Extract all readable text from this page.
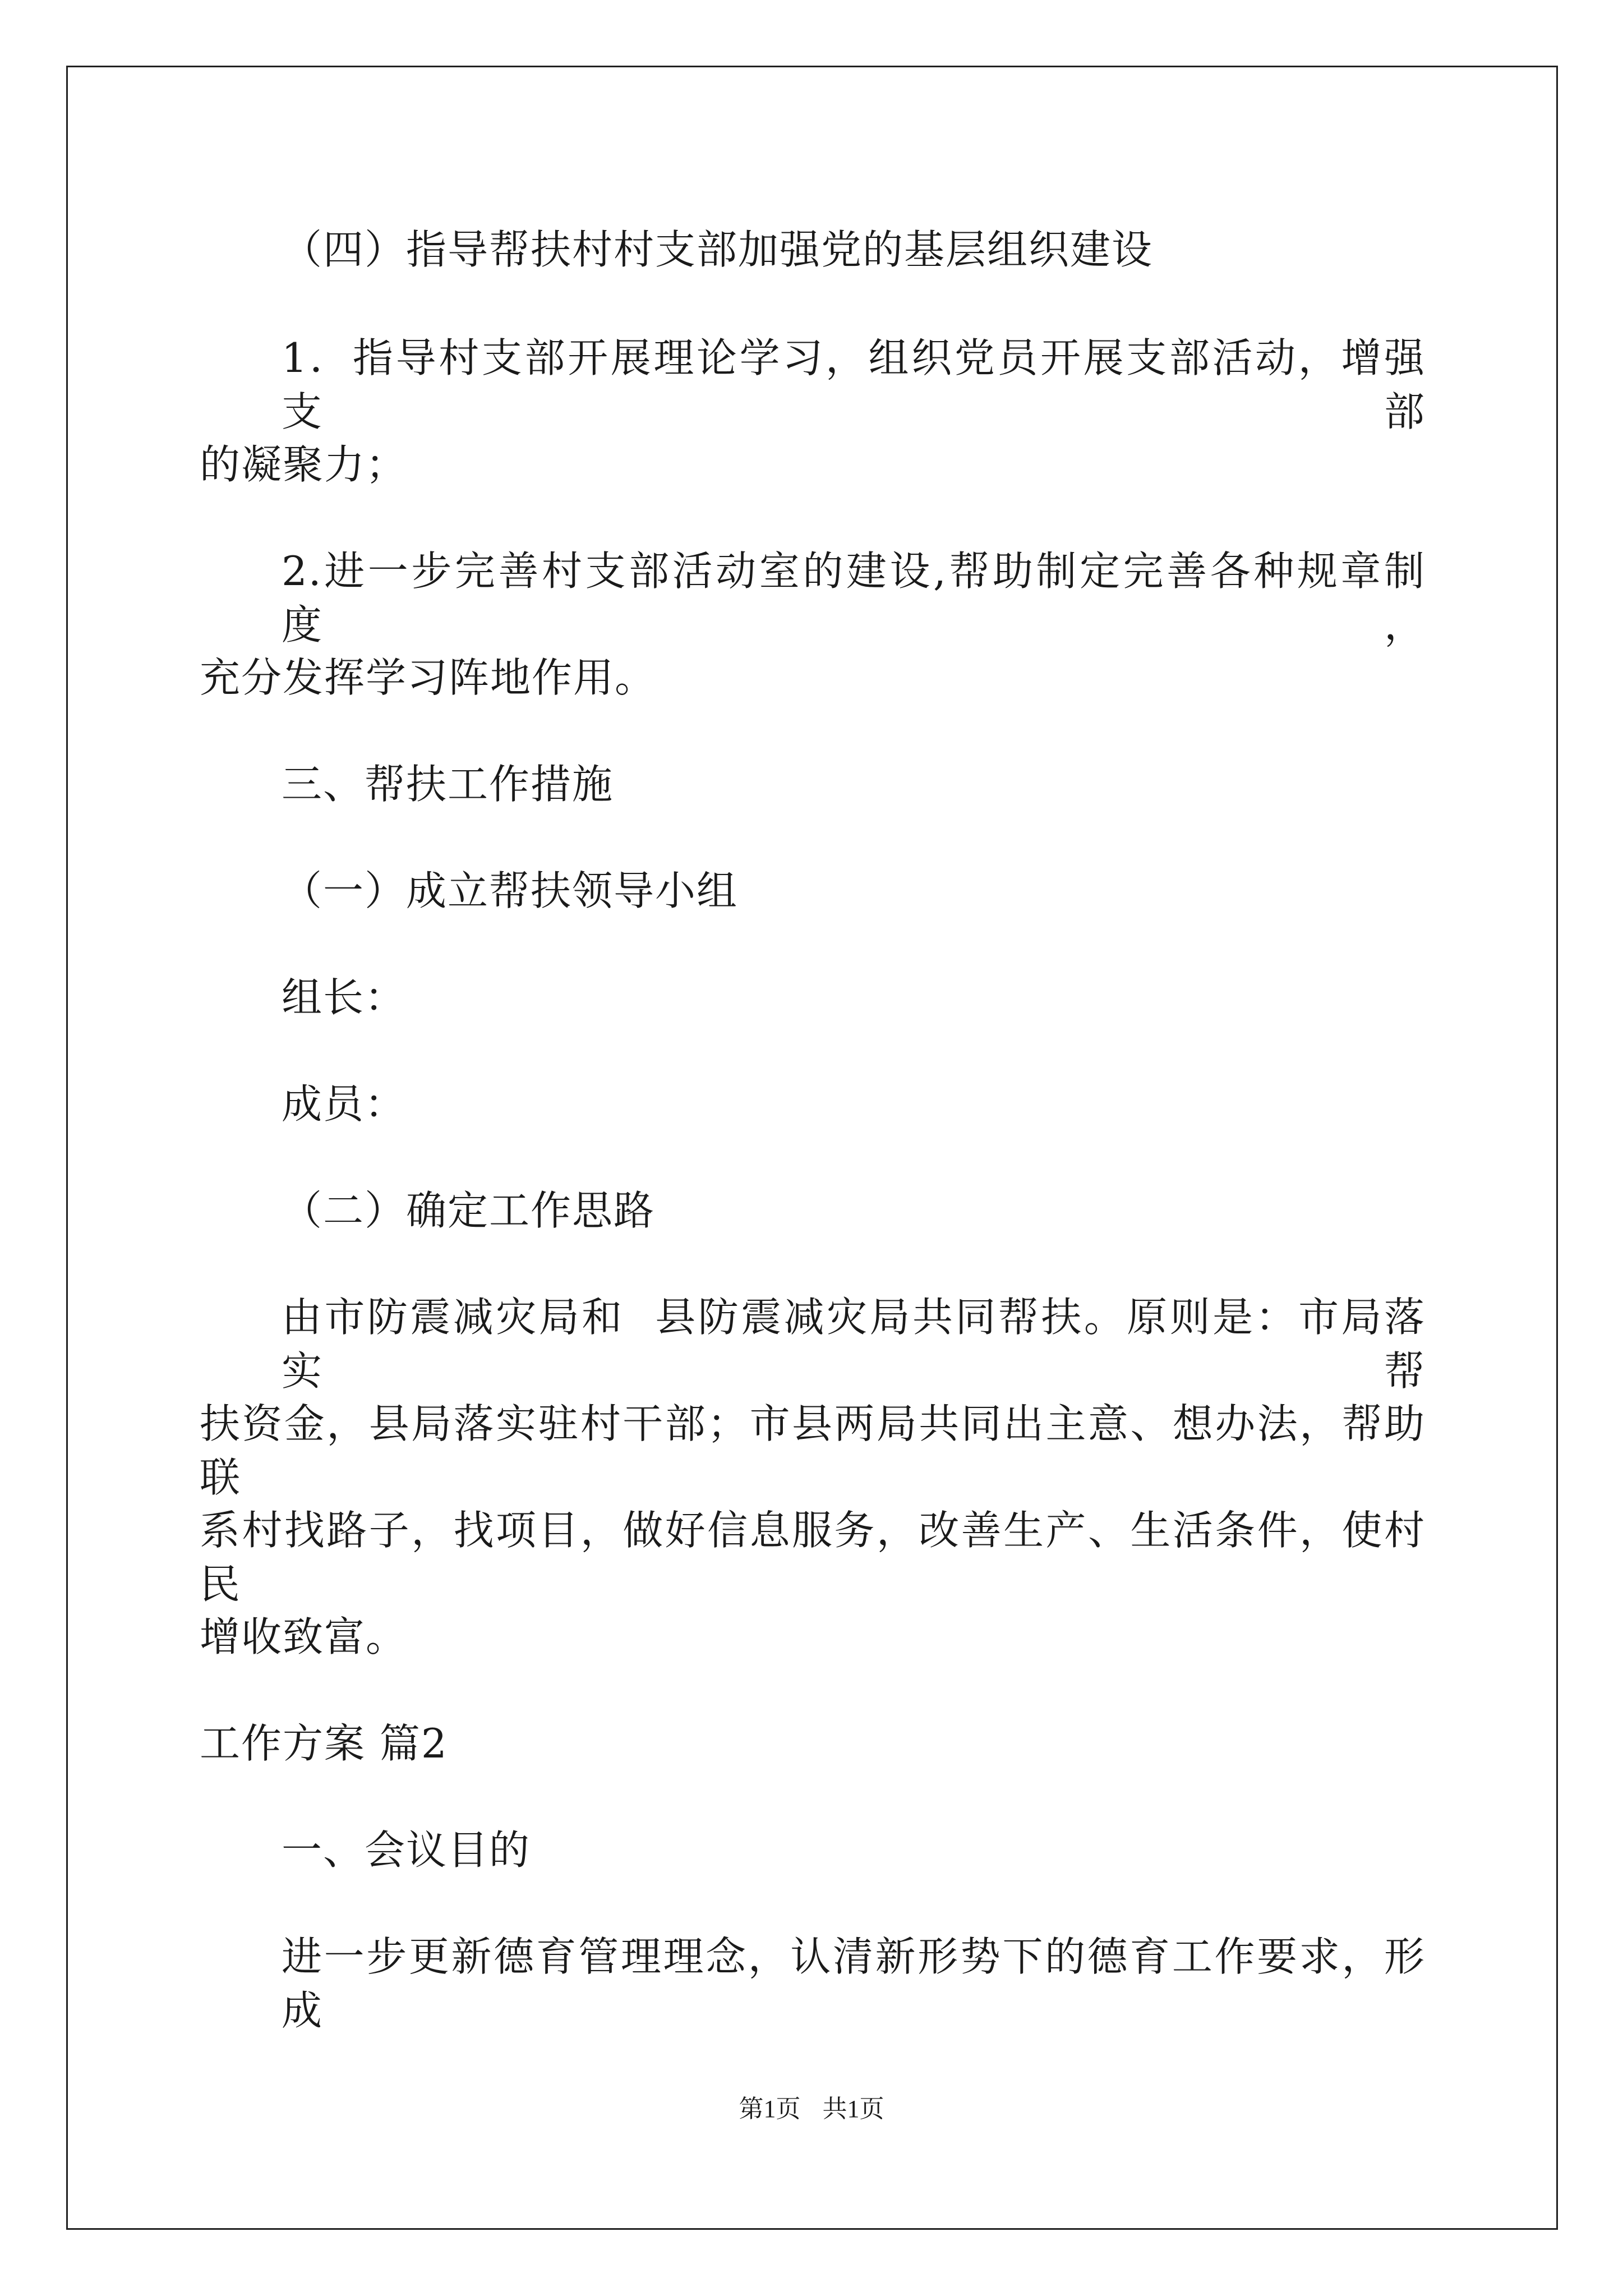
（四）指导帮扶村村支部加强党的基层组织建设
1．指导村支部开展理论学习，组织党员开展支部活动，增强支部
的凝聚力；
2.进一步完善村支部活动室的建设,帮助制定完善各种规章制度，
充分发挥学习阵地作用。
三、帮扶工作措施
（一）成立帮扶领导小组
组长：
成员：
（二）确定工作思路
由市防震减灾局和  县防震减灾局共同帮扶。原则是：市局落实帮
扶资金，县局落实驻村干部；市县两局共同出主意、想办法，帮助联
系村找路子，找项目，做好信息服务，改善生产、生活条件，使村民
增收致富。
工作方案 篇2
一、会议目的
进一步更新德育管理理念，认清新形势下的德育工作要求，形成
第1页 共1页
